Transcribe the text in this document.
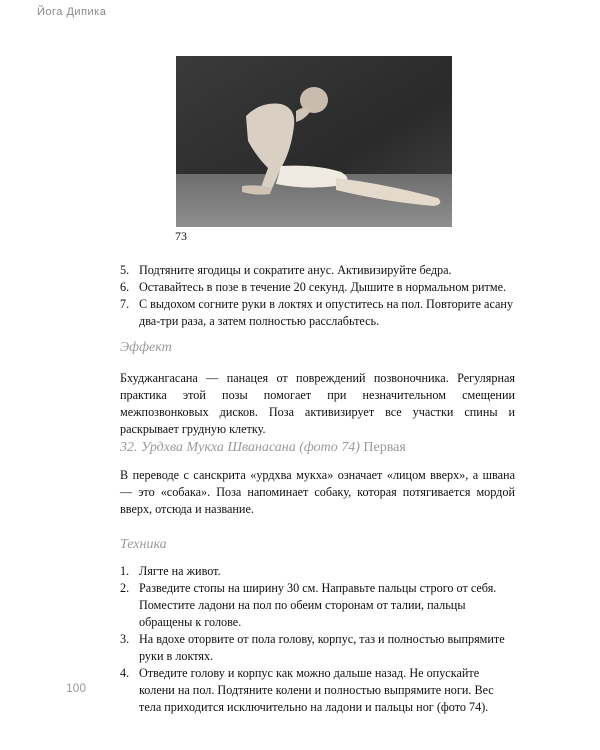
Йога Дипика
73
5. Подтяните ягодицы и сократите анус. Активизируйте бедра.
6. Оставайтесь в позе в течение 20 секунд. Дышите в нормальном ритме.
7. С выдохом согните руки в локтях и опуститесь на пол. Повторите асану два-три раза, а затем полностью расслабьтесь.
Эффект

Бхуджангасана — панацея от повреждений позвоночника. Регулярная практика этой позы помогает при незначительном смещении межпозвонковых дисков. Поза активизирует все участки спины и раскрывает грудную клетку.

32. Урдхва Мукха Шванасана (фото 74) Первая

В переводе с санскрита «урдхва мукха» означает «лицом вверх», а швана — это «собака». Поза напоминает собаку, которая потягивается мордой вверх, отсюда и название.

Техника
1. Лягте на живот.
2. Разведите стопы на ширину 30 см. Направьте пальцы строго от себя. Поместите ладони на пол по обеим сторонам от талии, пальцы обращены к голове.
3. На вдохе оторвите от пола голову, корпус, таз и полностью выпрямите руки в локтях.
4. Отведите голову и корпус как можно дальше назад. Не опускайте колени на пол. Подтяните колени и полностью выпрямите ноги. Вес тела приходится исключительно на ладони и пальцы ног (фото 74).
100
